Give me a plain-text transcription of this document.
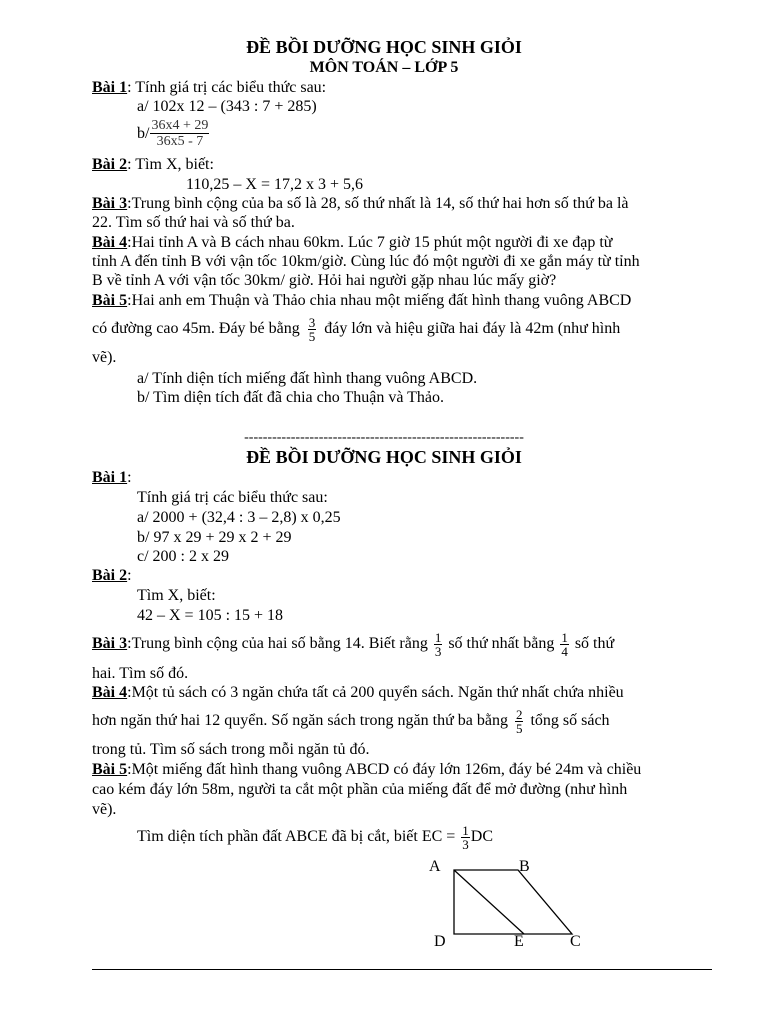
ĐỀ BỒI DƯỠNG HỌC SINH GIỎI
MÔN TOÁN – LỚP 5
Bài 1: Tính giá trị các biểu thức sau:
a/ 102x 12 – (343 : 7 + 285)
$b/ \frac{36x4 + 29}{36x5 - 7}$
Bài 2: Tìm X, biết:
110,25 – X = 17,2 x 3 + 5,6
Bài 3:Trung bình cộng của ba số là 28, số thứ nhất là 14, số thứ hai hơn số thứ ba là
22. Tìm số thứ hai và số thứ ba.
Bài 4:Hai tỉnh A và B cách nhau 60km. Lúc 7 giờ 15 phút một người đi xe đạp từ
tỉnh A đến tỉnh B với vận tốc 10km/giờ. Cùng lúc đó một người đi xe gắn máy từ tỉnh
B về tỉnh A với vận tốc 30km/ giờ. Hỏi hai người gặp nhau lúc mấy giờ?
Bài 5:Hai anh em Thuận và Thảo chia nhau một miếng đất hình thang vuông ABCD
có đường cao 45m. Đáy bé bằng $\frac{3}{5}$ đáy lớn và hiệu giữa hai đáy là 42m (như hình
vẽ).
a/ Tính diện tích miếng đất hình thang vuông ABCD.
b/ Tìm diện tích đất đã chia cho Thuận và Thảo.
------------------------------------------------------------
ĐỀ BỒI DƯỠNG HỌC SINH GIỎI
Bài 1:
Tính giá trị các biểu thức sau:
a/ 2000 + (32,4 : 3 – 2,8) x 0,25
b/ 97 x 29 + 29 x 2 + 29
c/ 200 : 2 x 29
Bài 2:
Tìm X, biết:
42 – X = 105 : 15 + 18
Bài 3:Trung bình cộng của hai số bằng 14. Biết rằng $\frac{1}{3}$ số thứ nhất bằng $\frac{1}{4}$ số thứ
hai. Tìm số đó.
Bài 4:Một tủ sách có 3 ngăn chứa tất cả 200 quyển sách. Ngăn thứ nhất chứa nhiều
hơn ngăn thứ hai 12 quyển. Số ngăn sách trong ngăn thứ ba bằng $\frac{2}{5}$ tổng số sách
trong tủ. Tìm số sách trong mỗi ngăn tủ đó.
Bài 5:Một miếng đất hình thang vuông ABCD có đáy lớn 126m, đáy bé 24m và chiều
cao kém đáy lớn 58m, người ta cắt một phần của miếng đất để mở đường (như hình
vẽ).
Tìm diện tích phần đất ABCE đã bị cắt, biết EC = $\frac{1}{3}$ DC
A	B
C
D	E
